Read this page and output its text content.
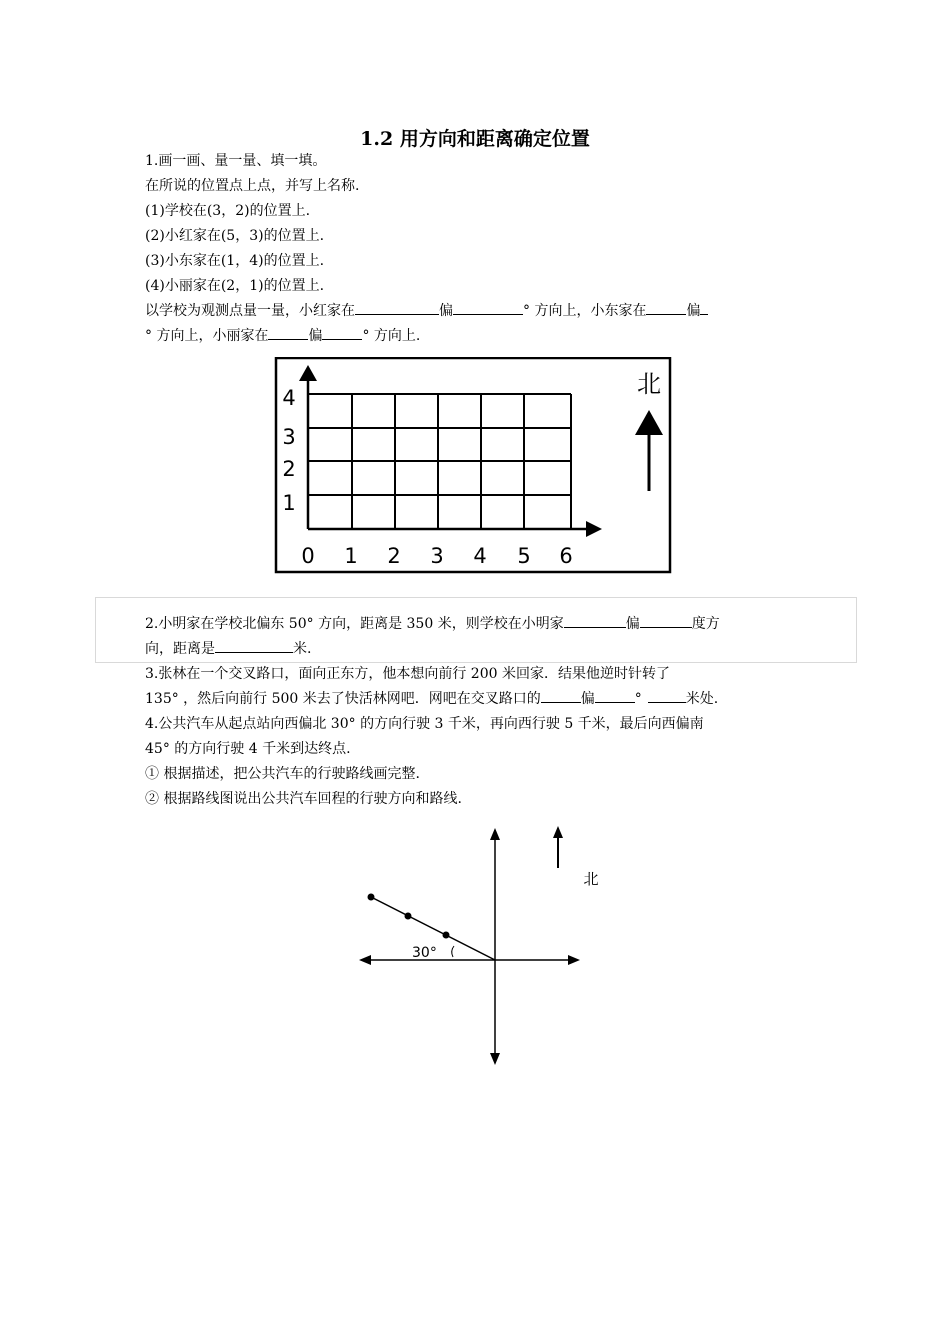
1.2 用方向和距离确定位置
1.画一画、量一量、填一填。
在所说的位置点上点，并写上名称.
(1)学校在(3，2)的位置上.
(2)小红家在(5，3)的位置上.
(3)小东家在(1，4)的位置上.
(4)小丽家在(2，1)的位置上.
以学校为观测点量一量，小红家在	偏	° 方向上，小东家在	偏
° 方向上，小丽家在	偏	° 方向上.
0 1 2 3 4 5 6
1
2
3
4	北
2.小明家在学校北偏东 50° 方向，距离是 350 米，则学校在小明家	偏	度方
向，距离是	米.
3.张林在一个交叉路口，面向正东方，他本想向前行 200 米回家．结果他逆时针转了
135° ，然后向前行 500 米去了快活林网吧．网吧在交叉路口的	偏	°	米处.
4.公共汽车从起点站向西偏北 30° 的方向行驶 3 千米，再向西行驶 5 千米，最后向西偏南
45° 的方向行驶 4 千米到达终点.
① 根据描述，把公共汽车的行驶路线画完整.
② 根据路线图说出公共汽车回程的行驶方向和路线.
30°
北
